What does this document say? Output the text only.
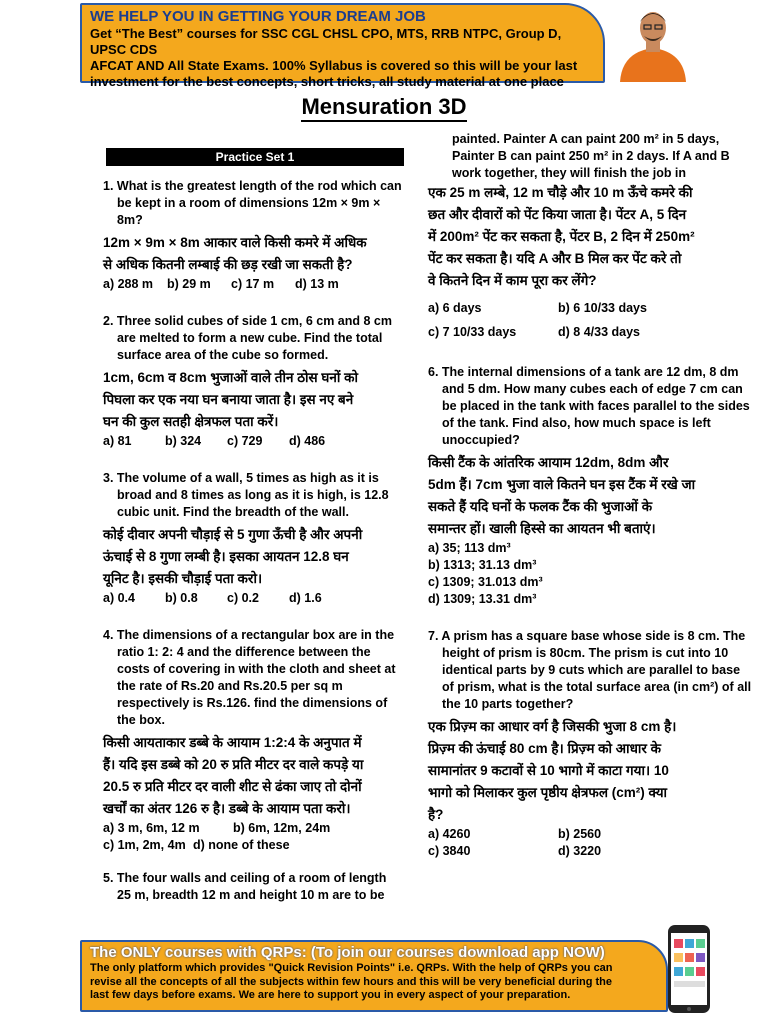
WE HELP YOU IN GETTING YOUR DREAM JOB
Get “The Best” courses for SSC CGL CHSL CPO, MTS, RRB NTPC, Group D, UPSC CDS
AFCAT AND All State Exams. 100% Syllabus is covered so this will be your last
investment for the best concepts, short tricks, all study material at one place
Mensuration 3D
Practice Set 1

1. What is the greatest length of the rod which can be kept in a room of dimensions 12m × 9m × 8m?

12m × 9m × 8m आकार वाले किसी कमरे में अधिक

से अधिक कितनी लम्बाई की छड़ रखी जा सकती है?

a) 288 m b) 29 m c) 17 m d) 13 m

2. Three solid cubes of side 1 cm, 6 cm and 8 cm are melted to form a new cube. Find the total surface area of the cube so formed.

1cm, 6cm व 8cm भुजाओं वाले तीन ठोस घनों को

पिघला कर एक नया घन बनाया जाता है। इस नए बने

घन की कुल सतही क्षेत्रफल पता करें।

a) 81	b) 324 c) 729 d) 486

3. The volume of a wall, 5 times as high as it is broad and 8 times as long as it is high, is 12.8 cubic unit. Find the breadth of the wall.

कोई दीवार अपनी चौड़ाई से 5 गुणा ऊँची है और अपनी

ऊंचाई से 8 गुणा लम्बी है। इसका आयतन 12.8 घन

यूनिट है। इसकी चौड़ाई पता करो।

a) 0.4 b) 0.8 c) 0.2 d) 1.6

4. The dimensions of a rectangular box are in the ratio 1: 2: 4 and the difference between the costs of covering in with the cloth and sheet at the rate of Rs.20 and Rs.20.5 per sq m respectively is Rs.126. find the dimensions of the box.

किसी आयताकार डब्बे के आयाम 1:2:4 के अनुपात में

हैं। यदि इस डब्बे को 20 रु प्रति मीटर दर वाले कपड़े या

20.5 रु प्रति मीटर दर वाली शीट से ढंका जाए तो दोनों

खर्चों का अंतर 126 रु है। डब्बे के आयाम पता करो।

a) 3 m, 6m, 12 m	b) 6m, 12m, 24m

c) 1m, 2m, 4m d) none of these

5. The four walls and ceiling of a room of length 25 m, breadth 12 m and height 10 m are to be

painted. Painter A can paint 200 m² in 5 days, Painter B can paint 250 m² in 2 days. If A and B work together, they will finish the job in

एक 25 m लम्बे, 12 m चौड़े और 10 m ऊँचे कमरे की

छत और दीवारों को पेंट किया जाता है। पेंटर A, 5 दिन

में 200m² पेंट कर सकता है, पेंटर B, 2 दिन में 250m²

पेंट कर सकता है। यदि A और B मिल कर पेंट करे तो

वे कितने दिन में काम पूरा कर लेंगे?

a) 6 days	b) 6 10/33 days

c) 7 10/33 days	d) 8 4/33 days

6. The internal dimensions of a tank are 12 dm, 8 dm and 5 dm. How many cubes each of edge 7 cm can be placed in the tank with faces parallel to the sides of the tank. Find also, how much space is left unoccupied?

किसी टैंक के आंतरिक आयाम 12dm, 8dm और

5dm हैं। 7cm भुजा वाले कितने घन इस टैंक में रखे जा

सकते हैं यदि घनों के फलक टैंक की भुजाओं के

समान्तर हों। खाली हिस्से का आयतन भी बताएं।

a) 35; 113 dm³

b) 1313; 31.13 dm³

c) 1309; 31.013 dm³

d) 1309; 13.31 dm³

7. A prism has a square base whose side is 8 cm. The height of prism is 80cm. The prism is cut into 10 identical parts by 9 cuts which are parallel to base of prism, what is the total surface area (in cm²) of all the 10 parts together?

एक प्रिज़्म का आधार वर्ग है जिसकी भुजा 8 cm है।

प्रिज़्म की ऊंचाई 80 cm है। प्रिज़्म को आधार के

सामानांतर 9 कटावों से 10 भागो में काटा गया। 10

भागो को मिलाकर कुल पृष्ठीय क्षेत्रफल (cm²) क्या

है?

a) 4260	b) 2560

c) 3840	d) 3220

The ONLY courses with QRPs: (To join our courses download app NOW)
The only platform which provides "Quick Revision Points" i.e. QRPs. With the help of QRPs you can
revise all the concepts of all the subjects within few hours and this will be very beneficial during the
last few days before exams. We are here to support you in every aspect of your preparation.
